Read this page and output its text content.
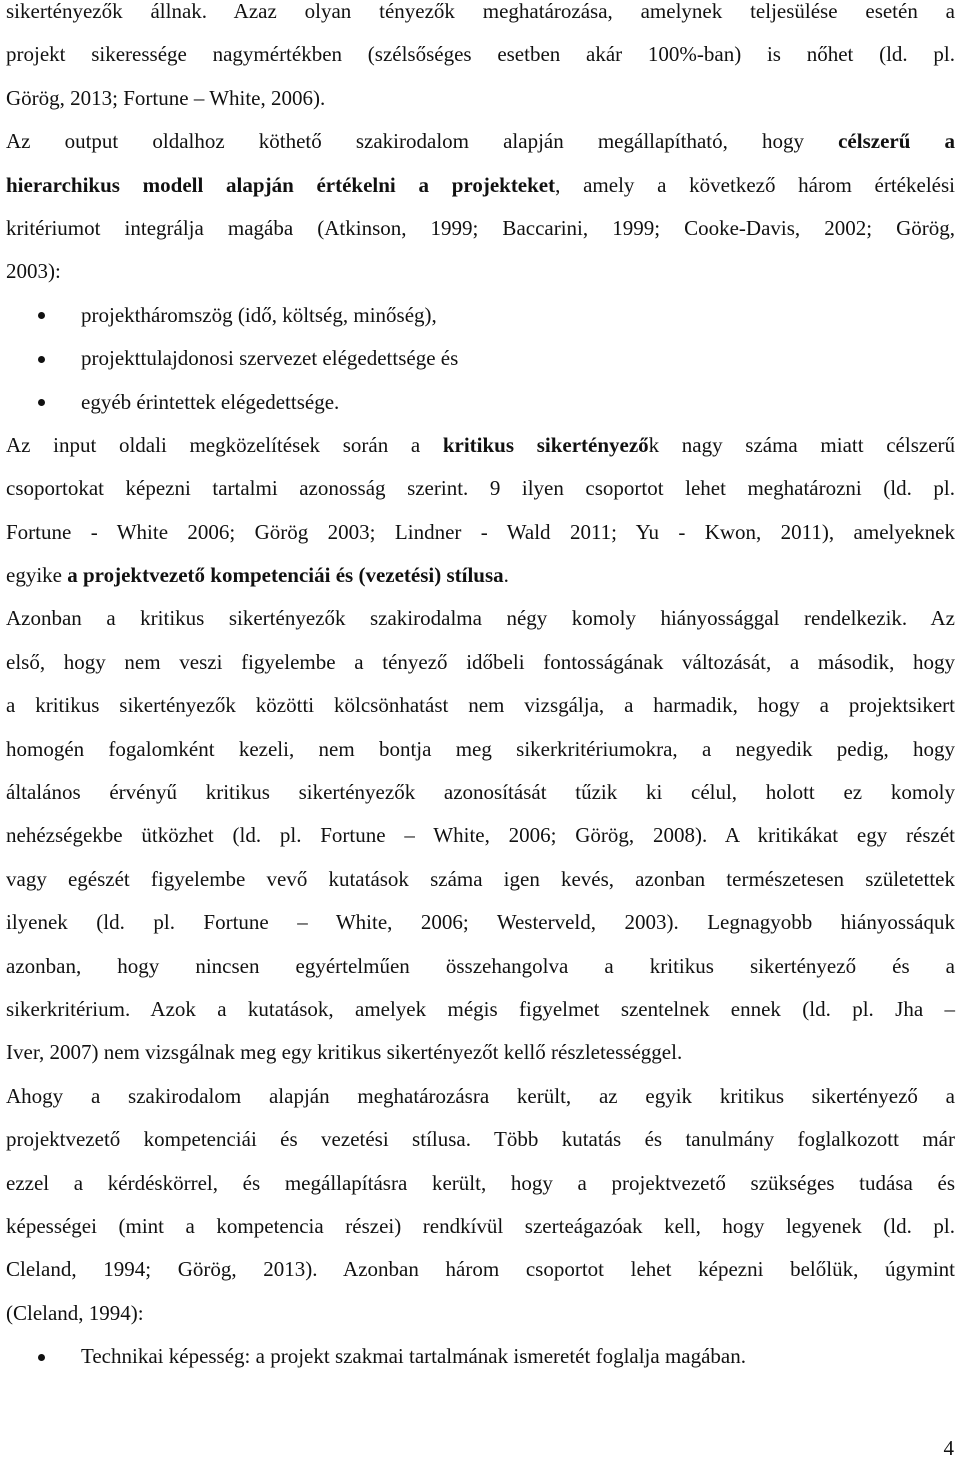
sikertényezők állnak. Azaz olyan tényezők meghatározása, amelynek teljesülése esetén a
projekt sikeressége nagymértékben (szélsőséges esetben akár 100%-ban) is nőhet (ld. pl.
Görög, 2013; Fortune – White, 2006).
Az output oldalhoz köthető szakirodalom alapján megállapítható, hogy célszerű a
hierarchikus modell alapján értékelni a projekteket, amely a következő három értékelési
kritériumot integrálja magába (Atkinson, 1999; Baccarini, 1999; Cooke-Davis, 2002; Görög,
2003):
projektháromszög (idő, költség, minőség),
projekttulajdonosi szervezet elégedettsége és
egyéb érintettek elégedettsége.
Az input oldali megközelítések során a kritikus sikertényezők nagy száma miatt célszerű
csoportokat képezni tartalmi azonosság szerint. 9 ilyen csoportot lehet meghatározni (ld. pl.
Fortune - White 2006; Görög 2003; Lindner - Wald 2011; Yu - Kwon, 2011), amelyeknek
egyike a projektvezető kompetenciái és (vezetési) stílusa.
Azonban a kritikus sikertényezők szakirodalma négy komoly hiányossággal rendelkezik. Az
első, hogy nem veszi figyelembe a tényező időbeli fontosságának változását, a második, hogy
a kritikus sikertényezők közötti kölcsönhatást nem vizsgálja, a harmadik, hogy a projektsikert
homogén fogalomként kezeli, nem bontja meg sikerkritériumokra, a negyedik pedig, hogy
általános érvényű kritikus sikertényezők azonosítását tűzik ki célul, holott ez komoly
nehézségekbe ütközhet (ld. pl. Fortune – White, 2006; Görög, 2008). A kritikákat egy részét
vagy egészét figyelembe vevő kutatások száma igen kevés, azonban természetesen születettek
ilyenek (ld. pl. Fortune – White, 2006; Westerveld, 2003). Legnagyobb hiányossáquk
azonban, hogy nincsen egyértelműen összehangolva a kritikus sikertényező és a
sikerkritérium. Azok a kutatások, amelyek mégis figyelmet szentelnek ennek (ld. pl. Jha –
Iver, 2007) nem vizsgálnak meg egy kritikus sikertényezőt kellő részletességgel.
Ahogy a szakirodalom alapján meghatározásra került, az egyik kritikus sikertényező a
projektvezető kompetenciái és vezetési stílusa. Több kutatás és tanulmány foglalkozott már
ezzel a kérdéskörrel, és megállapításra került, hogy a projektvezető szükséges tudása és
képességei (mint a kompetencia részei) rendkívül szerteágazóak kell, hogy legyenek (ld. pl.
Cleland, 1994; Görög, 2013). Azonban három csoportot lehet képezni belőlük, úgymint
(Cleland, 1994):
Technikai képesség: a projekt szakmai tartalmának ismeretét foglalja magában.
4
